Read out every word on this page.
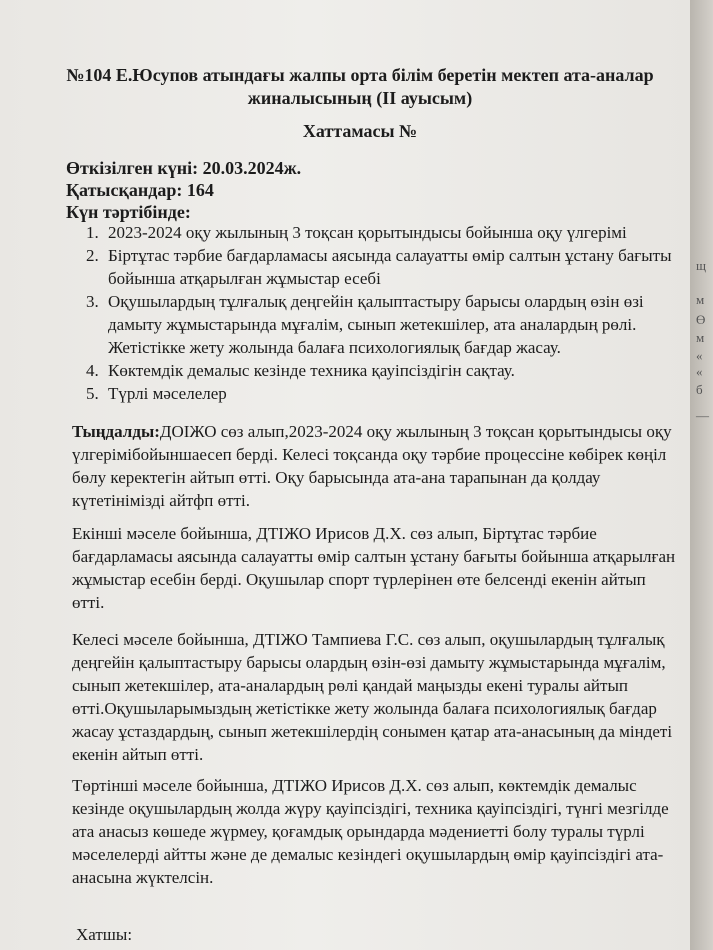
№104 Е.Юсупов атындағы жалпы орта білім беретін мектеп ата-аналар
жиналысының (ІІ ауысым)
Хаттамасы №
Өткізілген күні: 20.03.2024ж.
Қатысқандар: 164
Күн тәртібінде:
1. 2023-2024 оқу жылының 3 тоқсан қорытындысы бойынша оқу үлгерімі
2. Біртұтас тәрбие бағдарламасы аясында салауатты өмір салтын ұстану бағыты бойынша атқарылған жұмыстар есебі
3. Оқушылардың тұлғалық деңгейін қалыптастыру барысы олардың өзін өзі дамыту жұмыстарында мұғалім, сынып жетекшілер, ата аналардың рөлі. Жетістікке жету жолында балаға психологиялық бағдар жасау.
4. Көктемдік демалыс кезінде техника қауіпсіздігін сақтау.
5. Түрлі мәселелер
Тыңдалды:ДОІЖО сөз алып,2023-2024 оқу жылының 3 тоқсан қорытындысы оқу үлгерімібойыншаесеп берді. Келесі тоқсанда оқу тәрбие процессіне көбірек көңіл бөлу керектегін айтып өтті. Оқу барысында ата-ана тарапынан да қолдау күтетінімізді айтфп өтті.
Екінші мәселе бойынша, ДТІЖО Ирисов Д.Х. сөз алып, Біртұтас тәрбие бағдарламасы аясында салауатты өмір салтын ұстану бағыты бойынша атқарылған жұмыстар есебін берді. Оқушылар спорт түрлерінен өте белсенді екенін айтып өтті.
Келесі мәселе бойынша, ДТІЖО Тампиева Г.С. сөз алып, оқушылардың тұлғалық деңгейін қалыптастыру барысы олардың өзін-өзі дамыту жұмыстарында мұғалім, сынып жетекшілер, ата-аналардың рөлі қандай маңызды екені туралы айтып өтті.Оқушыларымыздың жетістікке жету жолында балаға психологиялық бағдар жасау ұстаздардың, сынып жетекшілердің сонымен қатар ата-анасының да міндеті екенін айтып өтті.
Төртінші мәселе бойынша, ДТІЖО Ирисов Д.Х. сөз алып, көктемдік демалыс кезінде оқушылардың жолда жүру қауіпсіздігі, техника қауіпсіздігі, түнгі мезгілде ата анасыз көшеде жүрмеу, қоғамдық орындарда мәдениетті болу туралы түрлі мәселелерді айтты және де демалыс кезіндегі оқушылардың өмір қауіпсіздігі ата-анасына жүктелсін.
Хатшы:
щ
м
Ө
м
«
«
б
—
